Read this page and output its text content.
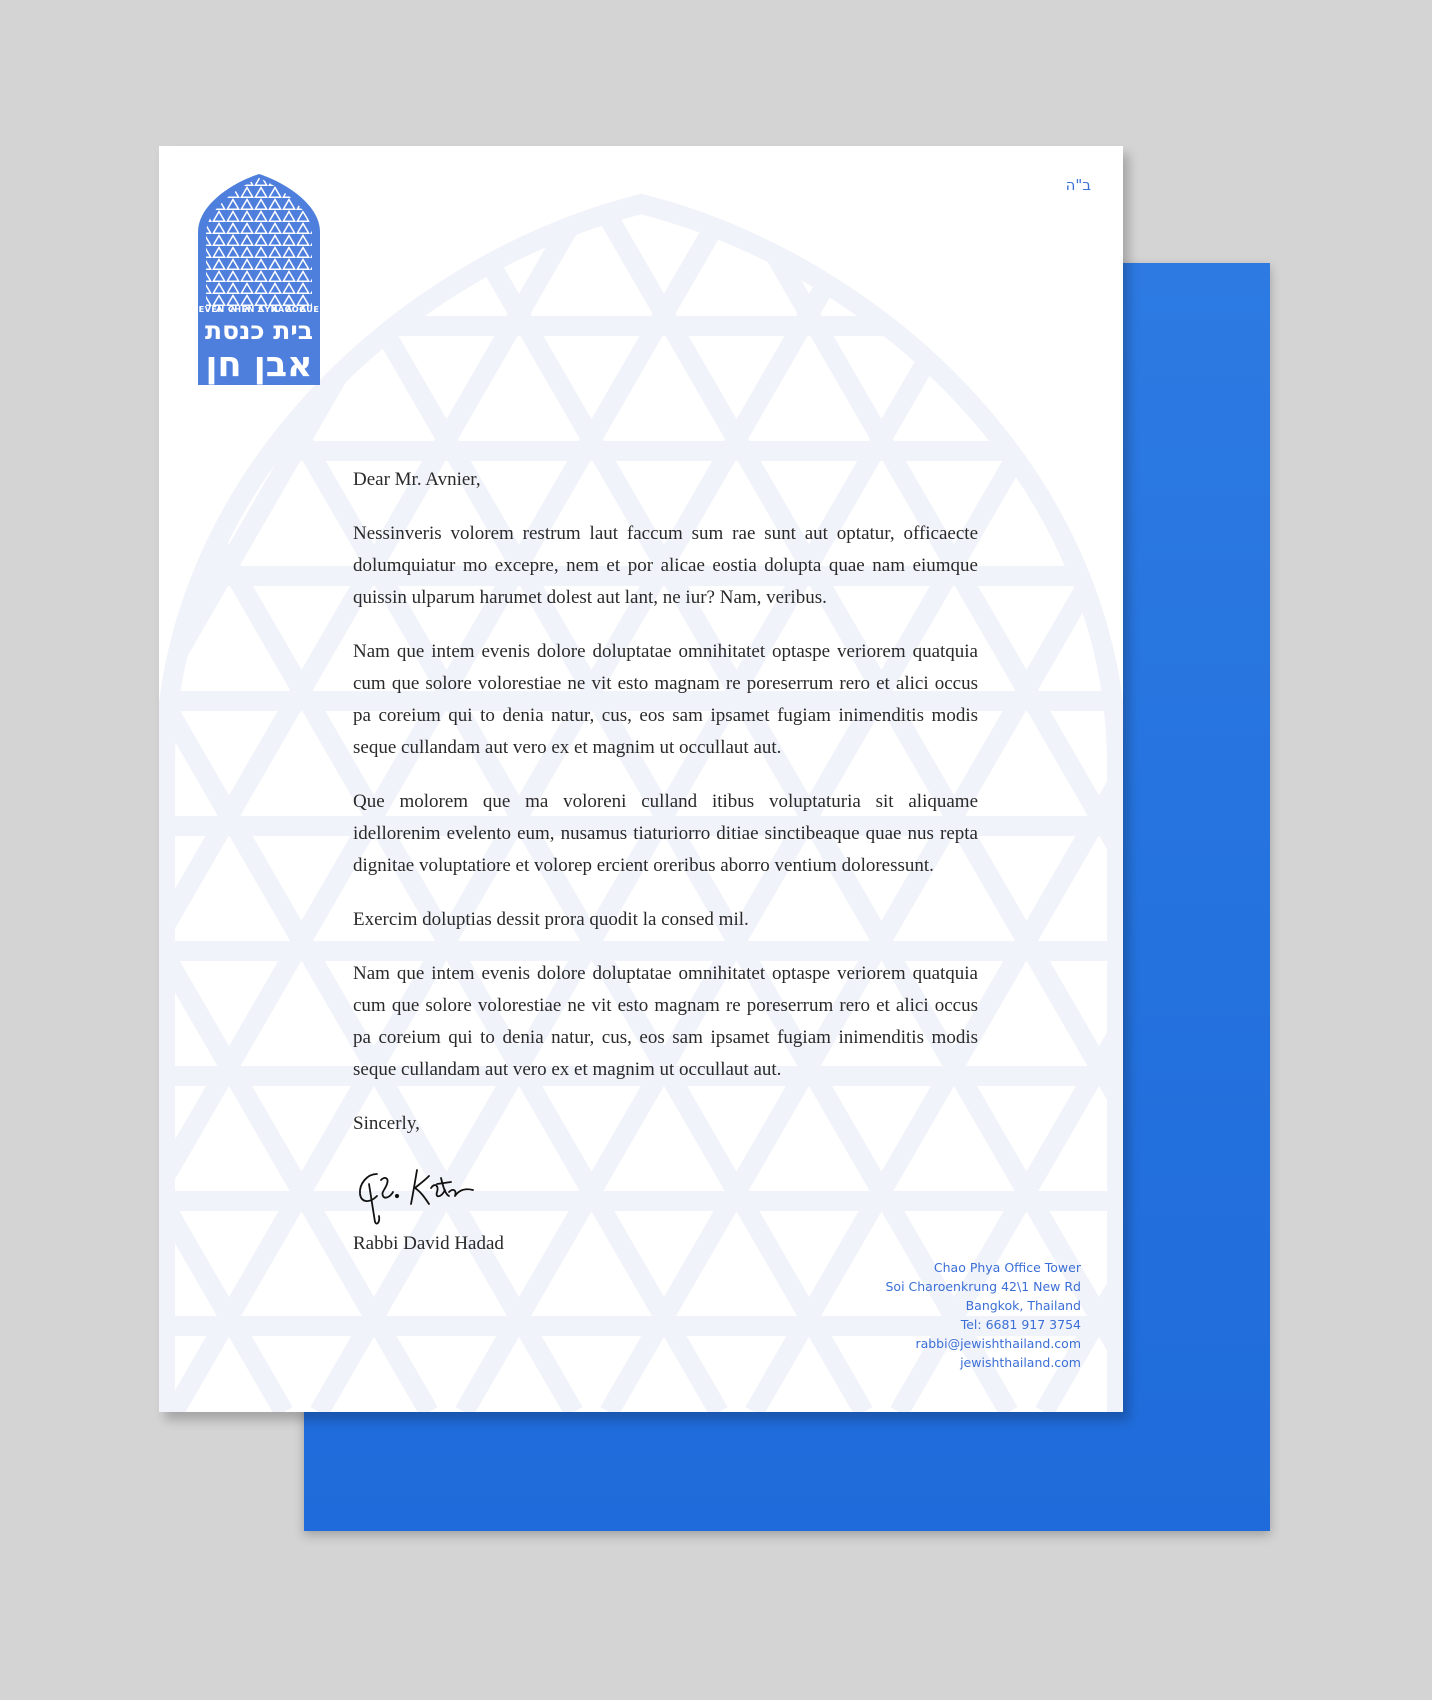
EVEN CHEN SYNAGOGUE
בית כנסת
אבן חן
ב"ה

Dear Mr. Avnier,

Nessinveris volorem restrum laut faccum sum rae sunt aut optatur, officaecte dolumquiatur mo excepre, nem et por alicae eostia dolupta quae nam eiumque quissin ulparum harumet dolest aut lant, ne iur? Nam, veribus.

Nam que intem evenis dolore doluptatae omnihitatet optaspe veriorem quatquia cum que solore volorestiae ne vit esto magnam re poreserrum rero et alici occus pa coreium qui to denia natur, cus, eos sam ipsamet fugiam inimenditis modis seque cullandam aut vero ex et magnim ut occullaut aut.

Que molorem que ma voloreni culland itibus voluptaturia sit aliquame idellorenim evelento eum, nusamus tiaturiorro ditiae sinctibeaque quae nus repta dignitae voluptatiore et volorep ercient oreribus aborro ventium doloressunt.

Exercim doluptias dessit prora quodit la consed mil.

Nam que intem evenis dolore doluptatae omnihitatet optaspe veriorem quatquia cum que solore volorestiae ne vit esto magnam re poreserrum rero et alici occus pa coreium qui to denia natur, cus, eos sam ipsamet fugiam inimenditis modis seque cullandam aut vero ex et magnim ut occullaut aut.

Sincerly,

Rabbi David Hadad

Chao Phya Office Tower
Soi Charoenkrung 42\1 New Rd
Bangkok, Thailand
Tel: 6681 917 3754
rabbi@jewishthailand.com
jewishthailand.com
